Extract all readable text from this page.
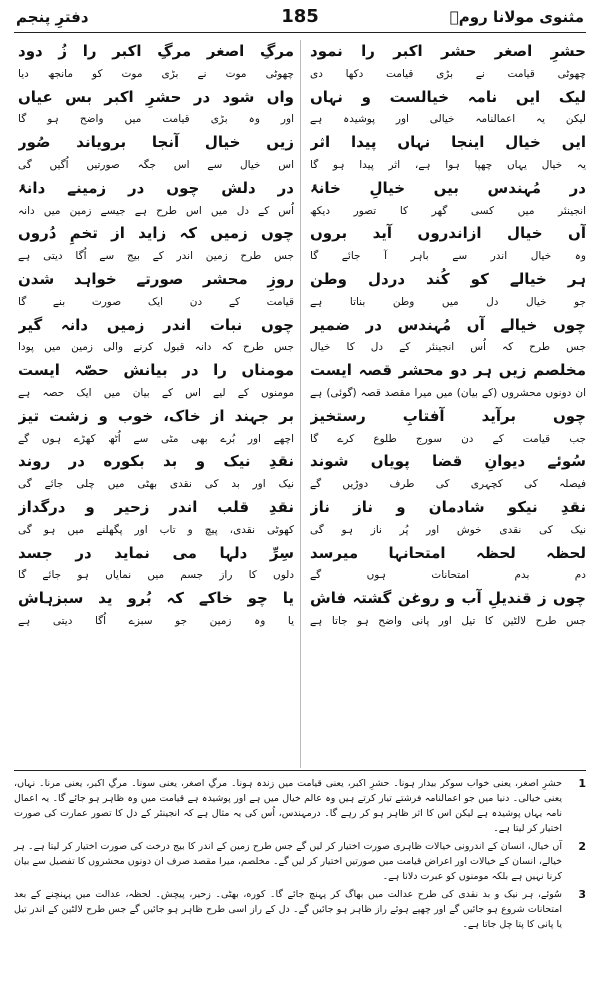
مثنوی مولانا رومؒ
185
دفترِ پنجم
حشرِ اصغر حشر اکبر را نمود
چھوٹی قیامت نے بڑی قیامت دکھا دی
لیک ایں نامہ خیالست و نہاں
لیکن یہ اعمالنامہ خیالی اور پوشیدہ ہے
ایں خیال اینجا نہاں پیدا اثر
یہ خیال یہاں چھپا ہوا ہے، اثر پیدا ہو گا
در مُہندس بیں خیالِ خانۂ
انجینئر میں کسی گھر کا تصور دیکھ
آں خیال ازاندروں آید بروں
وہ خیال اندر سے باہر آ جائے گا
ہر خیالے کو کُند دردل وطن
جو خیال دل میں وطن بناتا ہے
چوں خیالے آں مُہندس در ضمیر
جس طرح کہ اُس انجینئر کے دل کا خیال
مخلصم زیں ہر دو محشر قصہ ایست
ان دونوں محشروں (کے بیان) میں میرا مقصد قصہ (گوئی) ہے
چوں برآید آفتابِ رستخیز
جب قیامت کے دن سورج طلوع کرے گا
سُوئے دیوانِ قضا پویاں شوند
فیصلہ کی کچہری کی طرف دوڑیں گے
نقدِ نیکو شادمان و ناز ناز
نیک کی نقدی خوش اور پُر ناز ہو گی
لحظہ لحظہ امتحانہا میرسد
دم بدم امتحانات ہوں گے
چوں ز قندیلِ آب و روغن گشتہ فاش
جس طرح لالٹین کا تیل اور پانی واضح ہو جاتا ہے
مرگِ اصغر مرگِ اکبر را زُ دود
چھوٹی موت نے بڑی موت کو مانجھ دیا
واں شود در حشرِ اکبر بس عیاں
اور وہ بڑی قیامت میں واضح ہو گا
زیں خیال آنجا برویاند صُور
اس خیال سے اس جگہ صورتیں اُگیں گی
در دلش چوں در زمینے دانۂ
اُس کے دل میں اس طرح ہے جیسے زمین میں دانہ
چوں زمیں کہ زاید از تخمِ دُروں
جس طرح زمین اندر کے بیج سے اُگا دیتی ہے
روزِ محشر صورتے خواہد شدن
قیامت کے دن ایک صورت بنے گا
چوں نبات اندر زمیں دانہ گیر
جس طرح کہ دانہ قبول کرنے والی زمین میں پودا
مومناں را در بیانش حصّہ ایست
مومنوں کے لیے اس کے بیان میں ایک حصہ ہے
بر جہند از خاک، خوب و زشت تیز
اچھے اور بُرے بھی مٹی سے اُٹھ کھڑے ہوں گے
نقدِ نیک و بد بکوره در روند
نیک اور بد کی نقدی بھٹی میں چلی جائے گی
نقدِ قلب اندر زحیر و درگداز
کھوٹی نقدی، پیچ و تاب اور پگھلنے میں ہو گی
سِرِّ دلہا می نماید در جسد
دلوں کا راز جسم میں نمایاں ہو جائے گا
یا چو خاکے کہ بُرو ید سبزہاش
یا وہ زمین جو سبزے اُگا دیتی ہے

1
حشرِ اصغر، یعنی خواب سوکر بیدار ہونا۔ حشرِ اکبر، یعنی قیامت میں زندہ ہونا۔ مرگِ اصغر، یعنی سونا۔ مرگِ اکبر، یعنی مرنا۔ نہاں، یعنی خیالی۔ دنیا میں جو اعمالنامہ فرشتے تیار کرتے ہیں وہ عالم خیال میں ہے اور پوشیدہ ہے قیامت میں وہ ظاہر ہو جائے گا۔ یہ اعمال نامہ یہاں پوشیدہ ہے لیکن اس کا اثر ظاہر ہو کر رہے گا۔ درمہندس، اُس کی یہ مثال ہے کہ انجینئر کے دل کا تصور عمارت کی صورت اختیار کر لیتا ہے۔

2
آں خیال، انسان کے اندرونی خیالات ظاہری صورت اختیار کر لیں گے جس طرح زمین کے اندر کا بیج درخت کی صورت اختیار کر لیتا ہے۔ ہر خیالے، انسان کے خیالات اور اعراض قیامت میں صورتیں اختیار کر لیں گے۔ مخلصم، میرا مقصد صرف ان دونوں محشروں کا تفصیل سے بیان کرنا نہیں ہے بلکہ مومنوں کو عبرت دلانا ہے۔

3
سُوئے، ہر نیک و بد نقدی کی طرح عدالت میں بھاگ کر پہنچ جائے گا۔ کوره، بھٹی۔ زحیر، پیچش۔ لحظہ، عدالت میں پہنچنے کے بعد امتحانات شروع ہو جائیں گے اور چھپے ہوئے راز ظاہر ہو جائیں گے۔ دل کے راز اسی طرح ظاہر ہو جائیں گے جس طرح لالٹین کے اندر تیل یا پانی کا پتا چل جاتا ہے۔
